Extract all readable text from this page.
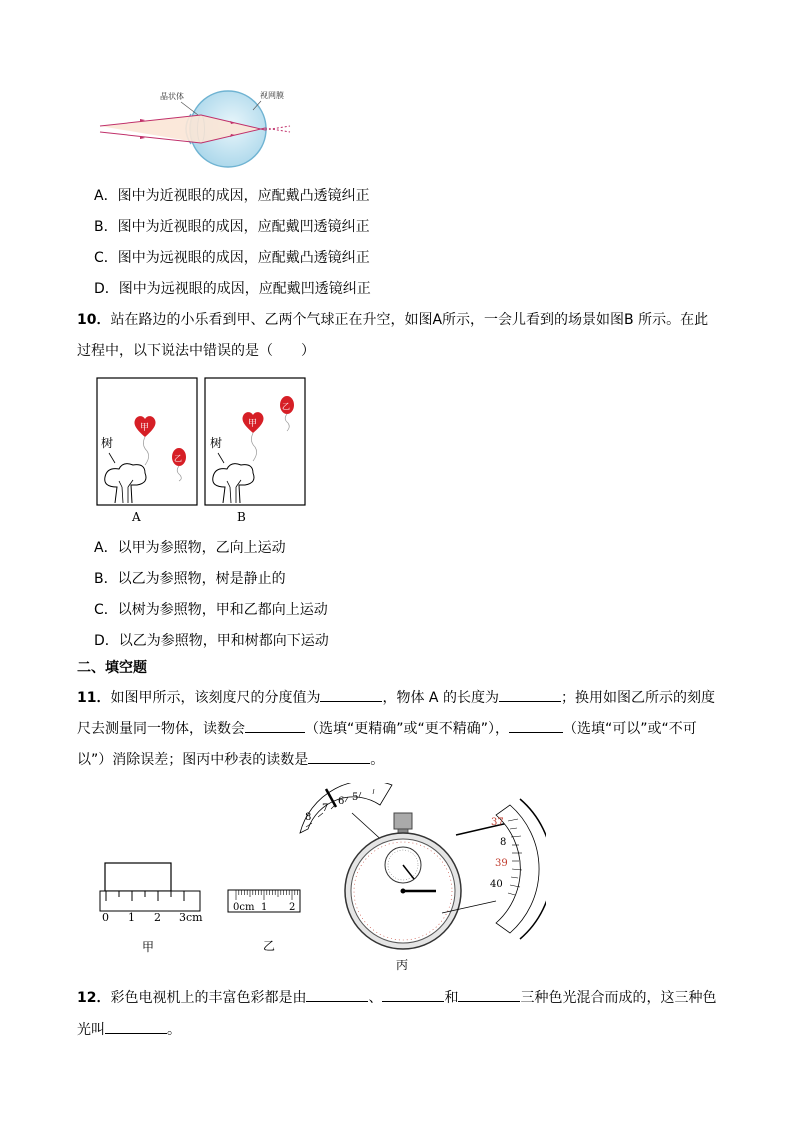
晶状体	视网膜
A．图中为近视眼的成因，应配戴凸透镜纠正
B．图中为近视眼的成因，应配戴凹透镜纠正
C．图中为远视眼的成因，应配戴凸透镜纠正
D．图中为远视眼的成因，应配戴凹透镜纠正
10．站在路边的小乐看到甲、乙两个气球正在升空，如图A所示，一会儿看到的场景如图B 所示。在此
过程中，以下说法中错误的是（　　）
树
甲
乙
树
甲
乙
A	B
A．以甲为参照物，乙向上运动
B．以乙为参照物，树是静止的
C．以树为参照物，甲和乙都向上运动
D．以乙为参照物，甲和树都向下运动
二、填空题
11．如图甲所示，该刻度尺的分度值为	，物体 A 的长度为	；换用如图乙所示的刻度
尺去测量同一物体，读数会	（选填“更精确”或“更不精确”），	（选填“可以”或“不可
以”）消除误差；图丙中秒表的读数是	。
0 1 2 3cm
甲
0cm 1 2
乙
8
7
6 5
37
8
39
40
丙
12．彩色电视机上的丰富色彩都是由	、	和	三种色光混合而成的，这三种色
光叫	。
